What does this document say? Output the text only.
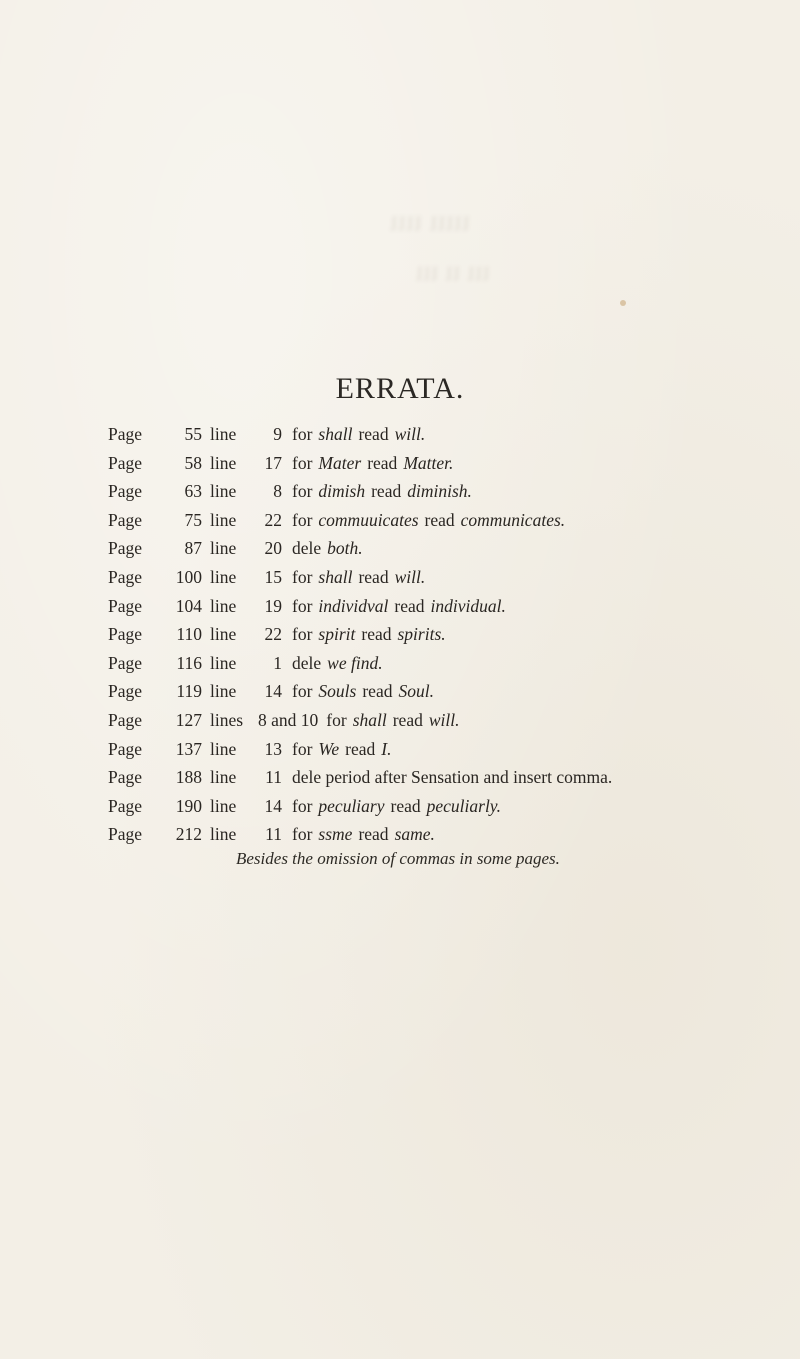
ιιιιι ιιιι
ιιι ιι ιιι
ERRATA.
Page 55 line 9 for shall read will.
Page 58 line 17 for Mater read Matter.
Page 63 line 8 for dimish read diminish.
Page 75 line 22 for commuuicates read communicates.
Page 87 line 20 dele both.
Page 100 line 15 for shall read will.
Page 104 line 19 for individval read individual.
Page 110 line 22 for spirit read spirits.
Page 116 line 1 dele we find.
Page 119 line 14 for Souls read Soul.
Page 127 lines 8 and 10 for shall read will.
Page 137 line 13 for We read I.
Page 188 line 11 dele period after Sensation and insert comma.
Page 190 line 14 for peculiary read peculiarly.
Page 212 line 11 for ssme read same.
Besides the omission of commas in some pages.
